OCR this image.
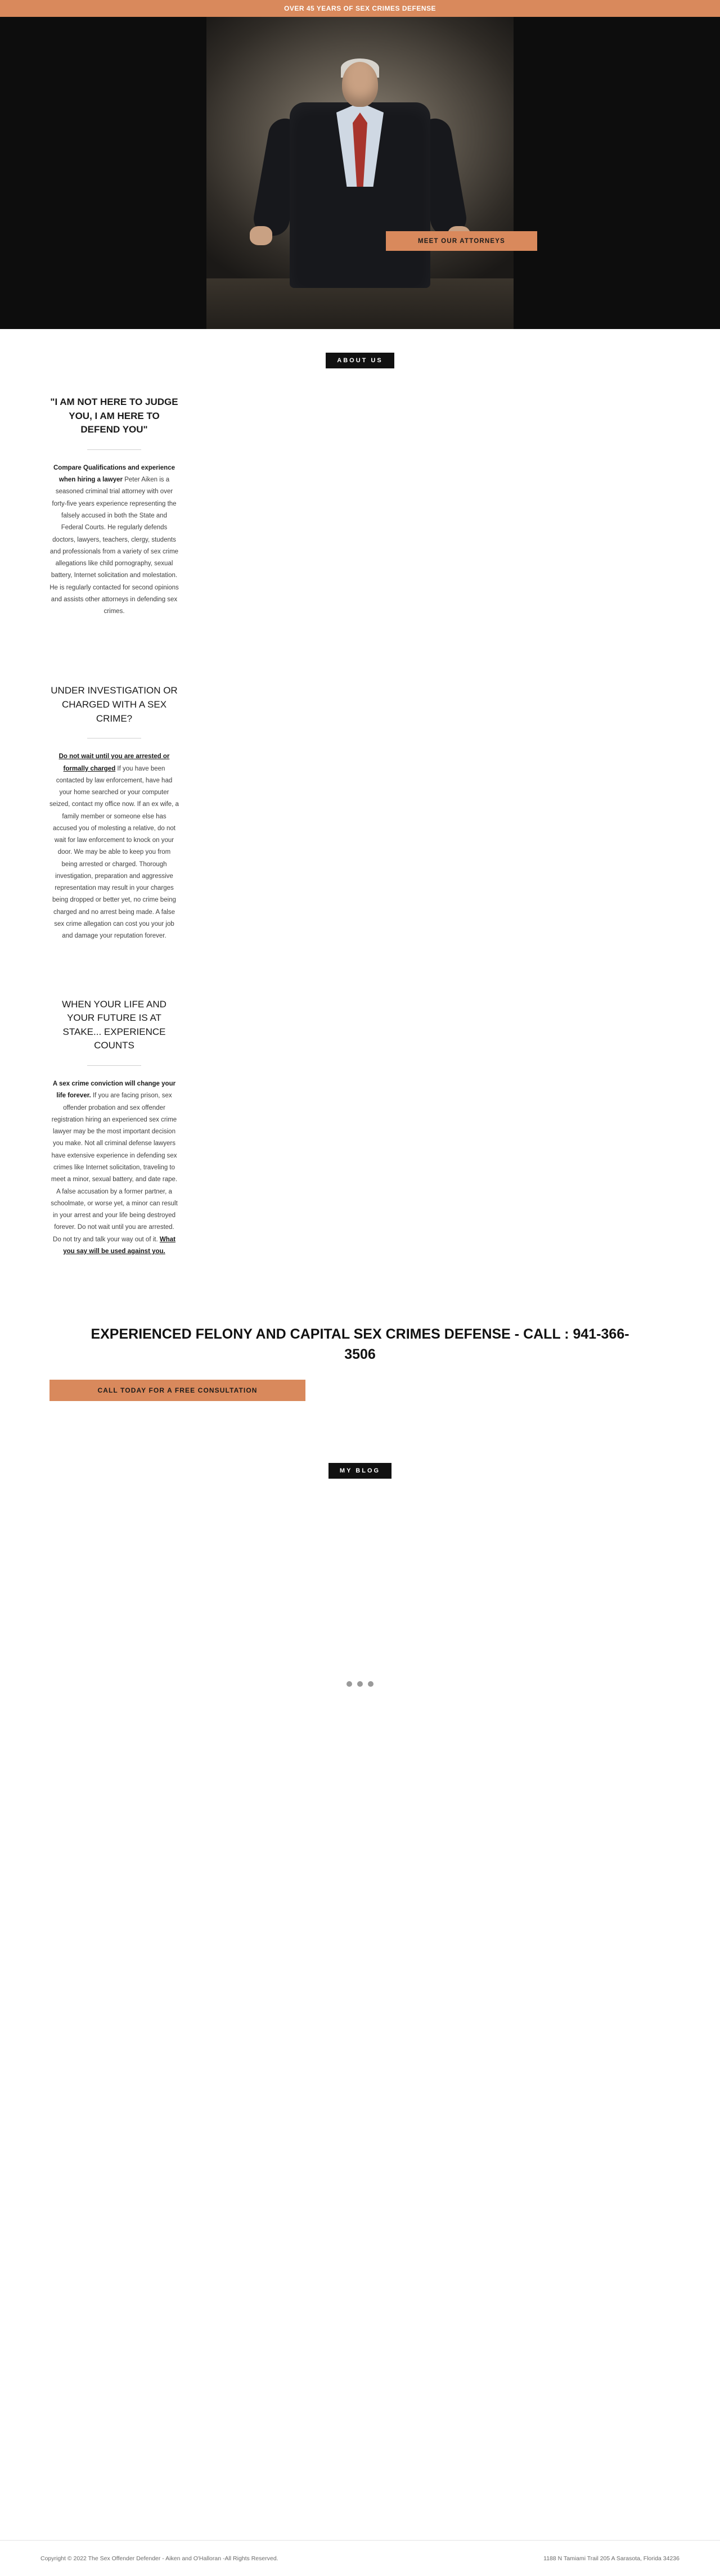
OVER 45 YEARS OF SEX CRIMES DEFENSE
MEET OUR ATTORNEYS
ABOUT US
"I AM NOT HERE TO JUDGE YOU, I AM HERE TO DEFEND YOU"

Compare Qualifications and experience when hiring a lawyer Peter Aiken is a seasoned criminal trial attorney with over forty-five years experience representing the falsely accused in both the State and Federal Courts. He regularly defends doctors, lawyers, teachers, clergy, students and professionals from a variety of sex crime allegations like child pornography, sexual battery, Internet solicitation and molestation. He is regularly contacted for second opinions and assists other attorneys in defending sex crimes.

UNDER INVESTIGATION OR CHARGED WITH A SEX CRIME?

Do not wait until you are arrested or formally charged If you have been contacted by law enforcement, have had your home searched or your computer seized, contact my office now. If an ex wife, a family member or someone else has accused you of molesting a relative, do not wait for law enforcement to knock on your door. We may be able to keep you from being arrested or charged. Thorough investigation, preparation and aggressive representation may result in your charges being dropped or better yet, no crime being charged and no arrest being made. A false sex crime allegation can cost you your job and damage your reputation forever.

WHEN YOUR LIFE AND YOUR FUTURE IS AT STAKE... EXPERIENCE COUNTS

A sex crime conviction will change your life forever. If you are facing prison, sex offender probation and sex offender registration hiring an experienced sex crime lawyer may be the most important decision you make. Not all criminal defense lawyers have extensive experience in defending sex crimes like Internet solicitation, traveling to meet a minor, sexual battery, and date rape. A false accusation by a former partner, a schoolmate, or worse yet, a minor can result in your arrest and your life being destroyed forever. Do not wait until you are arrested. Do not try and talk your way out of it. What you say will be used against you.

EXPERIENCED FELONY AND CAPITAL SEX CRIMES DEFENSE - CALL : 941-366-3506
CALL TODAY FOR A FREE CONSULTATION
MY BLOG
Copyright © 2022 The Sex Offender Defender - Aiken and O'Halloran -All Rights Reserved.	1188 N Tamiami Trail 205 A Sarasota, Florida 34236
